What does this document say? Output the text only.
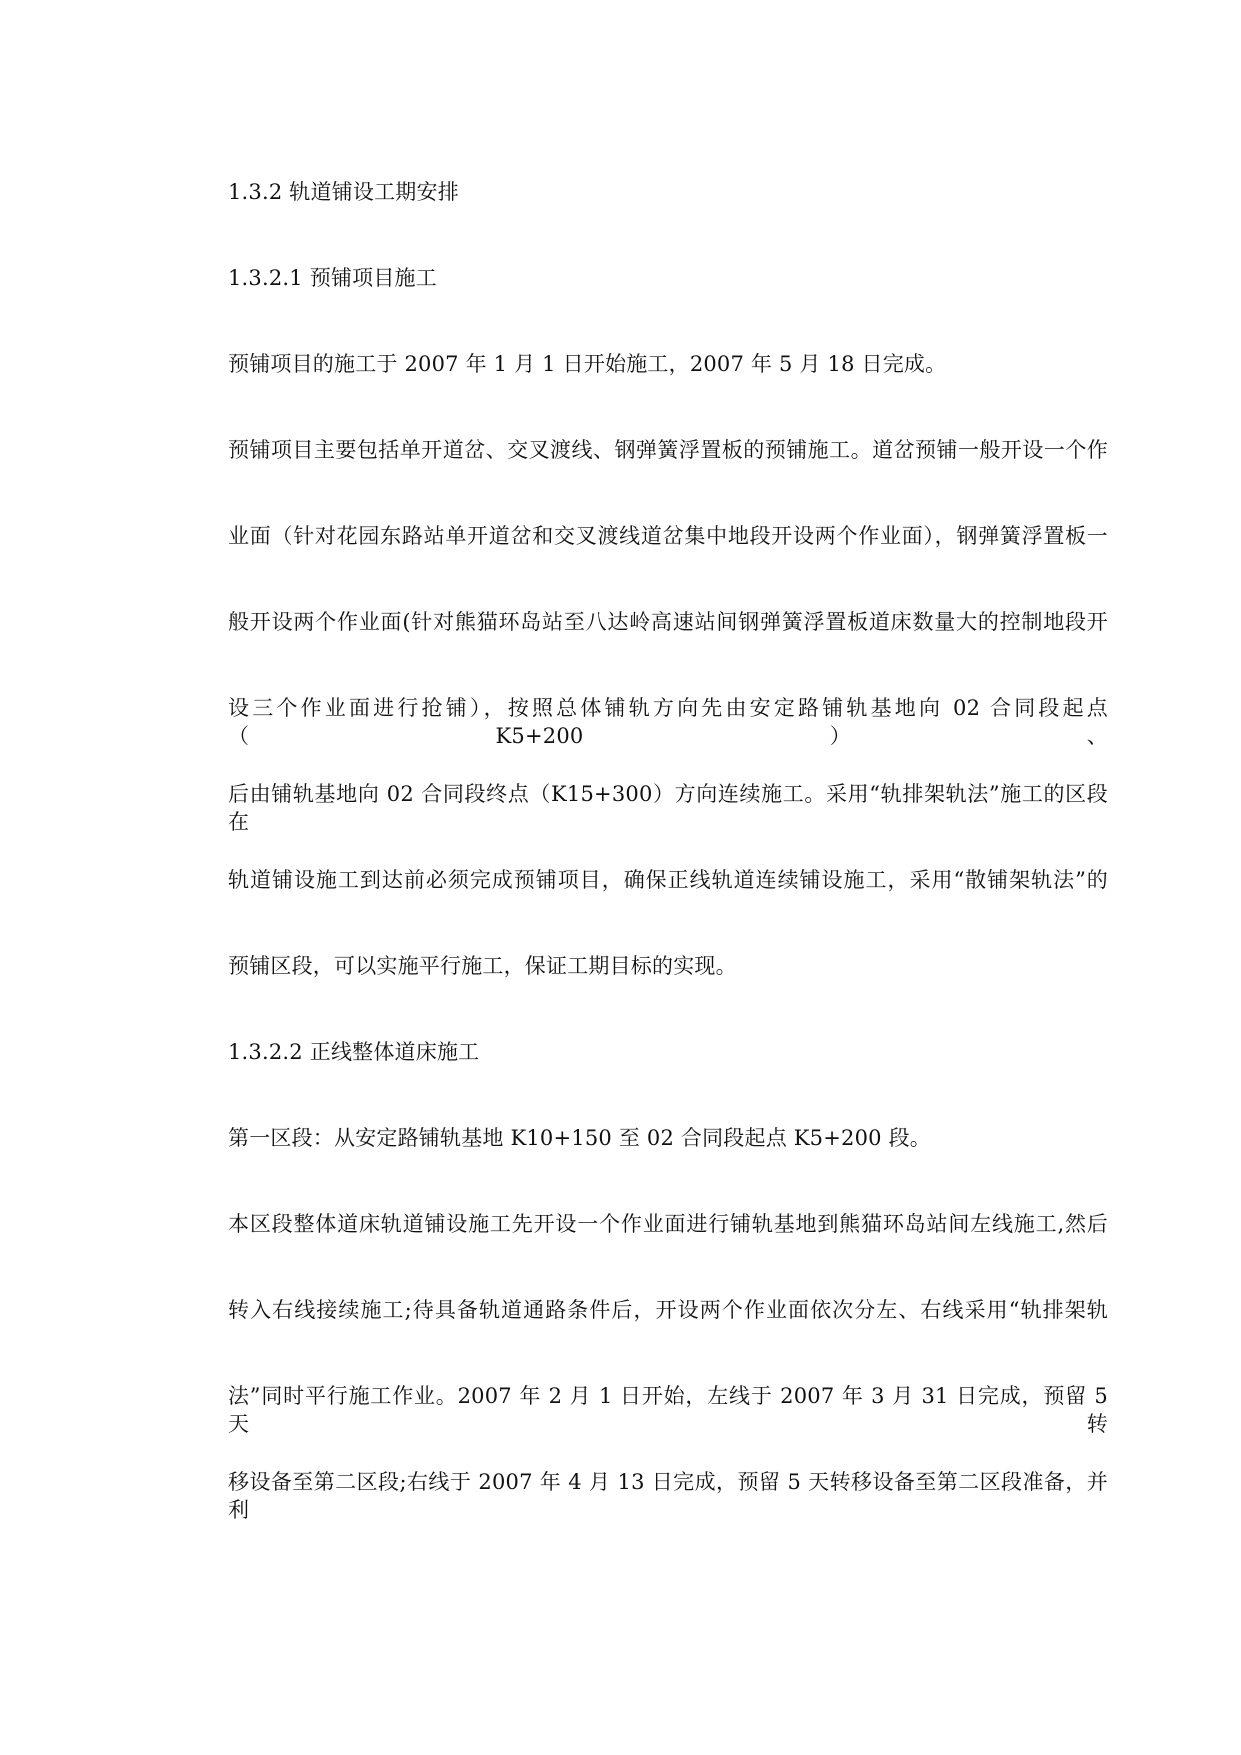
1.3.2 轨道铺设工期安排
1.3.2.1 预铺项目施工
预铺项目的施工于 2007 年 1 月 1 日开始施工，2007 年 5 月 18 日完成。
预铺项目主要包括单开道岔、交叉渡线、钢弹簧浮置板的预铺施工。道岔预铺一般开设一个作
业面（针对花园东路站单开道岔和交叉渡线道岔集中地段开设两个作业面），钢弹簧浮置板一
般开设两个作业面(针对熊猫环岛站至八达岭高速站间钢弹簧浮置板道床数量大的控制地段开
设三个作业面进行抢铺），按照总体铺轨方向先由安定路铺轨基地向 02 合同段起点（K5+200）、
后由铺轨基地向 02 合同段终点（K15+300）方向连续施工。采用“轨排架轨法”施工的区段在
轨道铺设施工到达前必须完成预铺项目，确保正线轨道连续铺设施工，采用“散铺架轨法”的
预铺区段，可以实施平行施工，保证工期目标的实现。
1.3.2.2 正线整体道床施工
第一区段：从安定路铺轨基地 K10+150 至 02 合同段起点 K5+200 段。
本区段整体道床轨道铺设施工先开设一个作业面进行铺轨基地到熊猫环岛站间左线施工,然后
转入右线接续施工;待具备轨道通路条件后，开设两个作业面依次分左、右线采用“轨排架轨
法”同时平行施工作业。2007 年 2 月 1 日开始，左线于 2007 年 3 月 31 日完成，预留 5 天转
移设备至第二区段;右线于 2007 年 4 月 13 日完成，预留 5 天转移设备至第二区段准备，并利
